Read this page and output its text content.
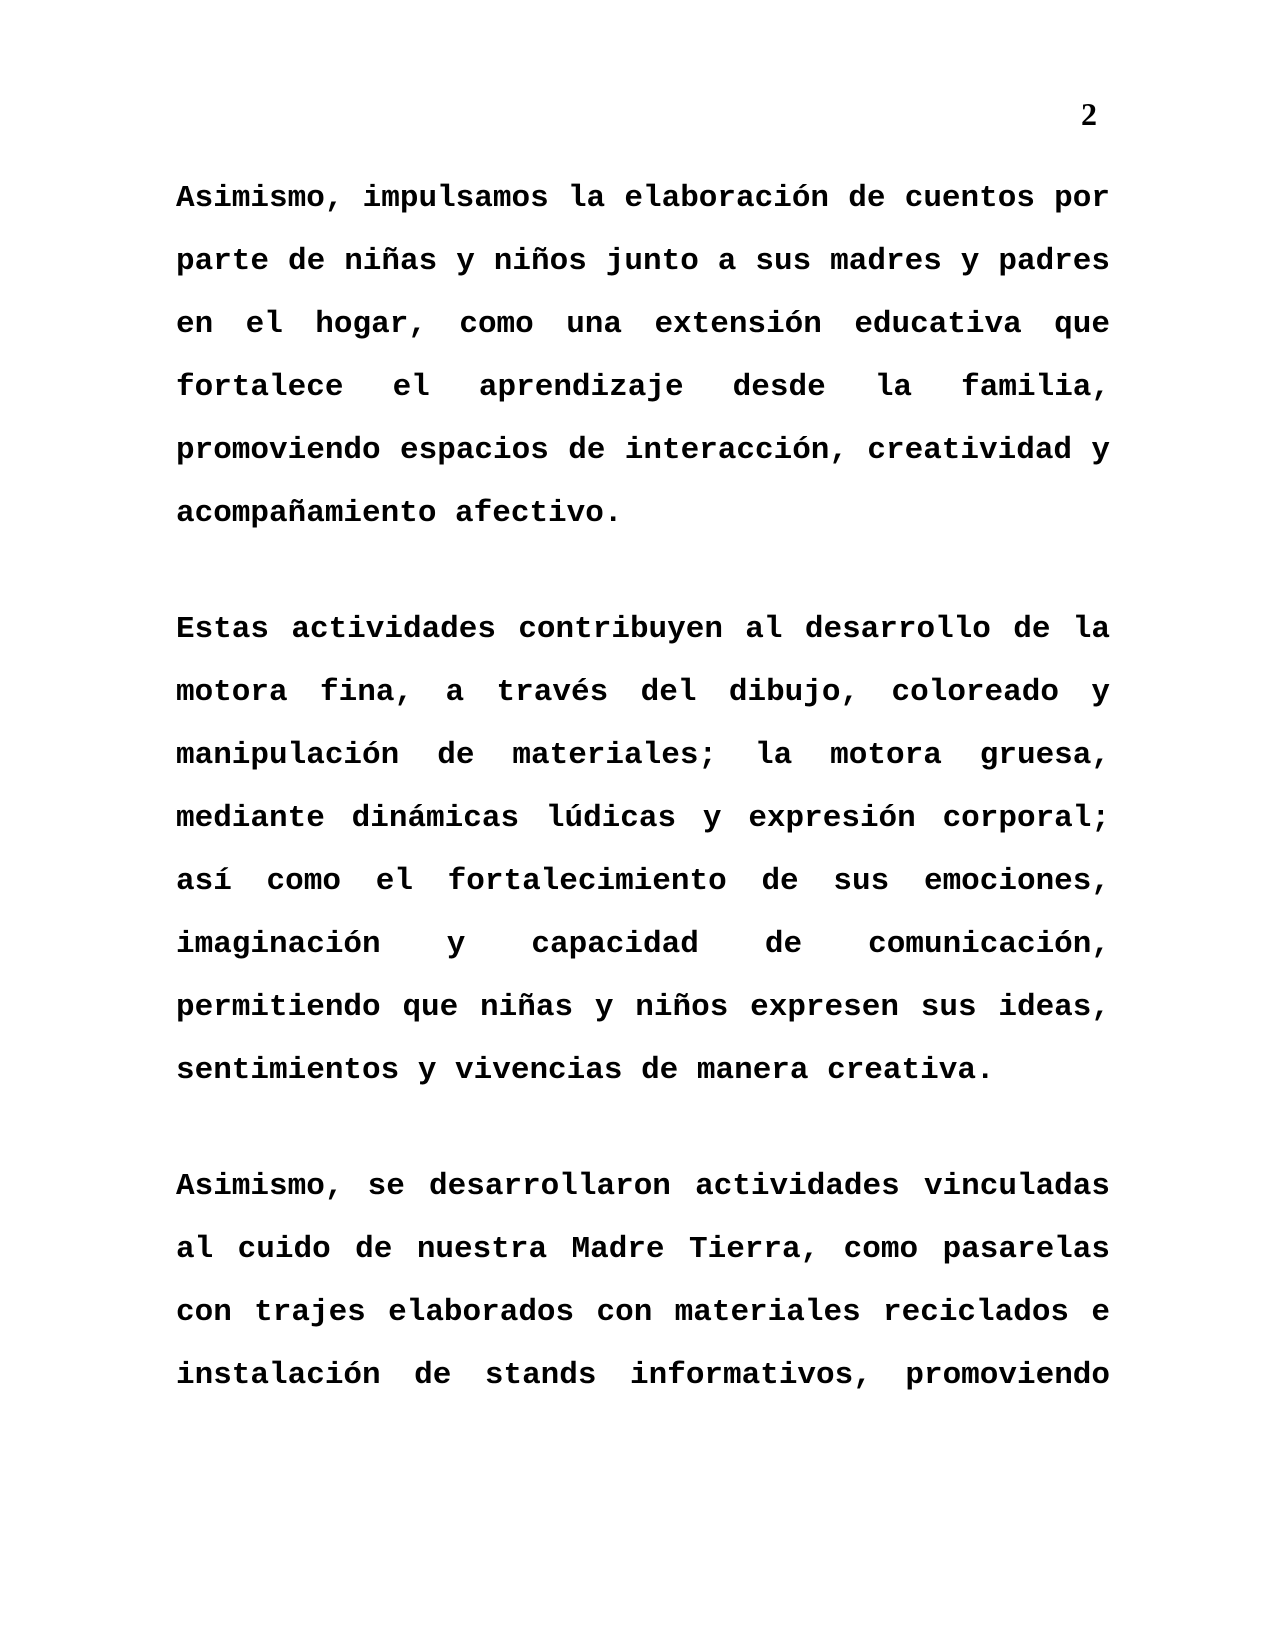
2
Asimismo, impulsamos la elaboración de cuentos por
parte de niñas y niños junto a sus madres y padres
en el hogar, como una extensión educativa que
fortalece el aprendizaje desde la familia,
promoviendo espacios de interacción, creatividad y
acompañamiento afectivo.
Estas actividades contribuyen al desarrollo de la
motora fina, a través del dibujo, coloreado y
manipulación de materiales; la motora gruesa,
mediante dinámicas lúdicas y expresión corporal;
así como el fortalecimiento de sus emociones,
imaginación y capacidad de comunicación,
permitiendo que niñas y niños expresen sus ideas,
sentimientos y vivencias de manera creativa.
Asimismo, se desarrollaron actividades vinculadas
al cuido de nuestra Madre Tierra, como pasarelas
con trajes elaborados con materiales reciclados e
instalación de stands informativos, promoviendo
